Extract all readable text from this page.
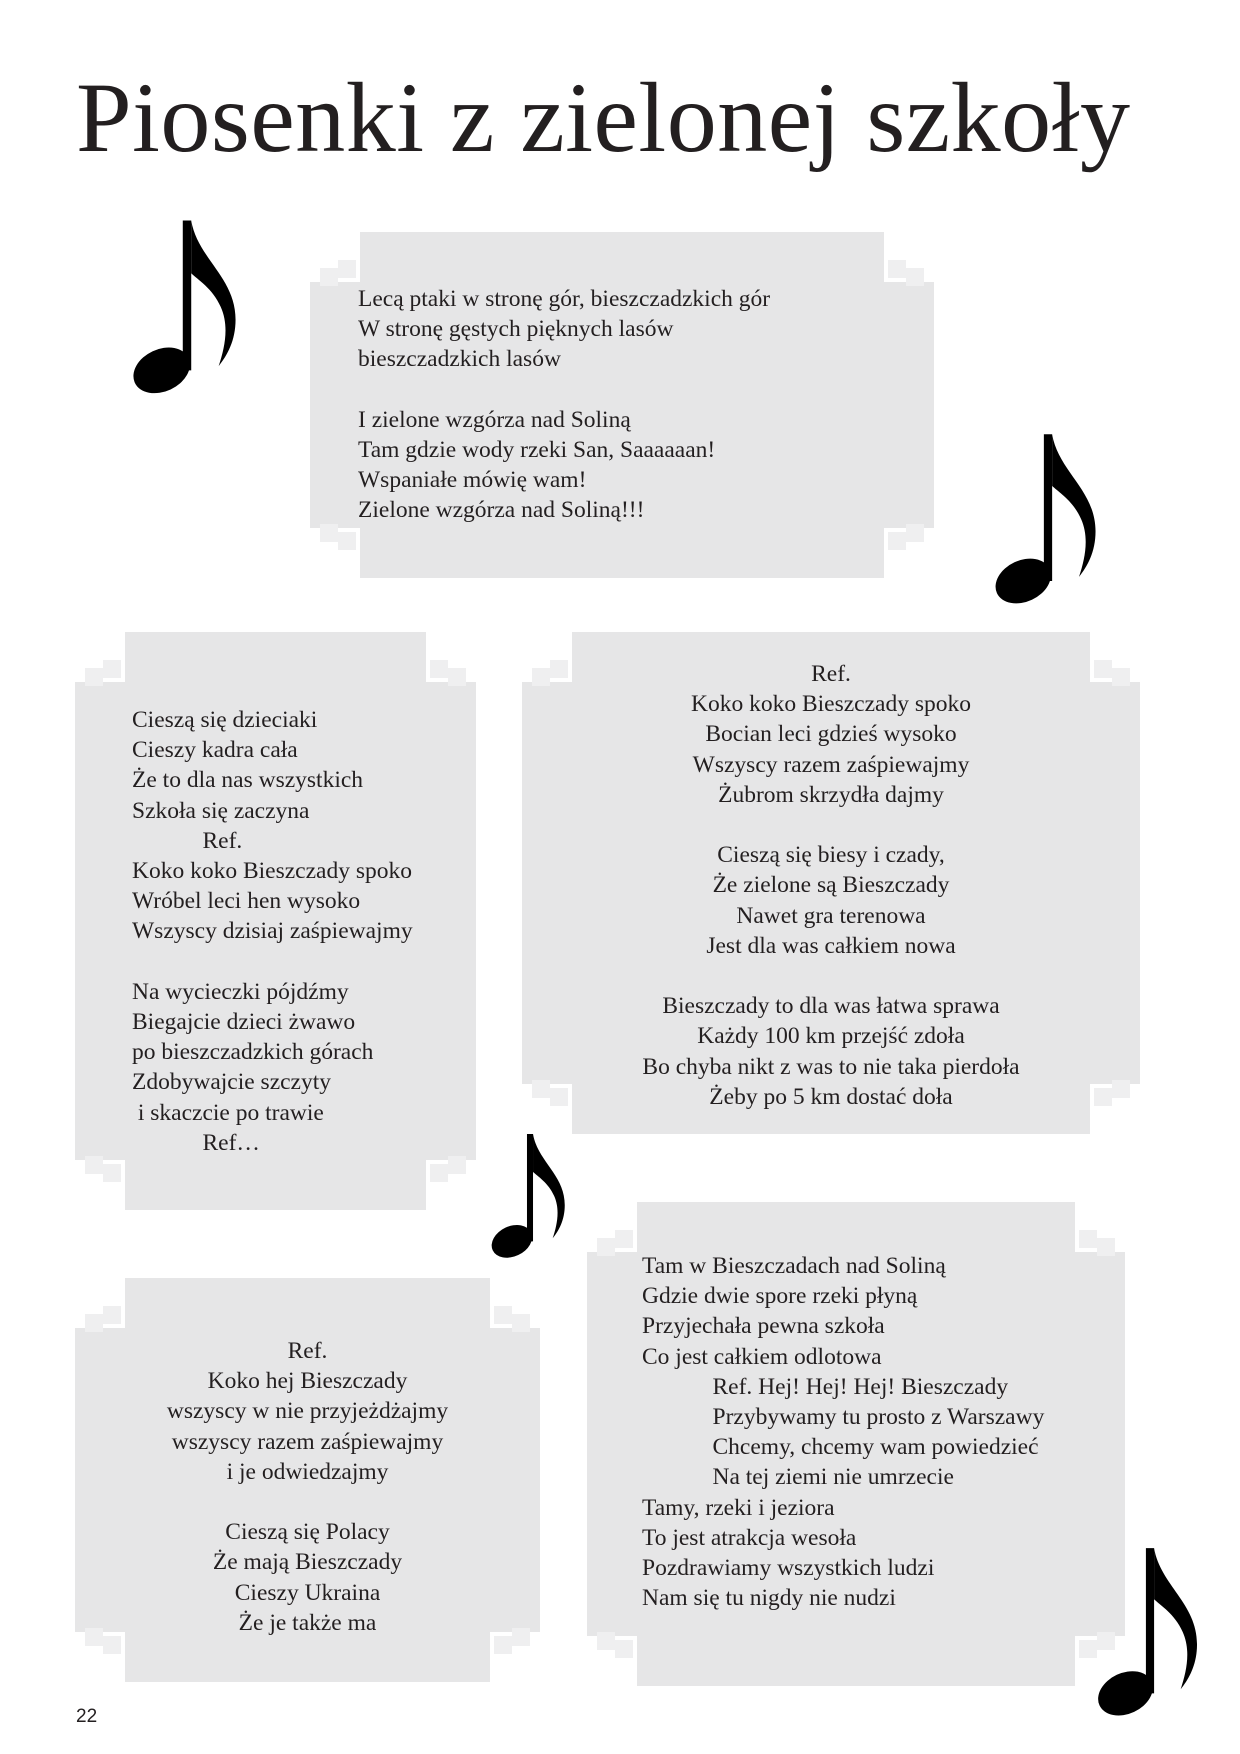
Piosenki z zielonej szkoły
Lecą ptaki w stronę gór, bieszczadzkich gór
W stronę gęstych pięknych lasów
bieszczadzkich lasów
I zielone wzgórza nad Soliną
Tam gdzie wody rzeki San, Saaaaaan!
Wspaniałe mówię wam!
Zielone wzgórza nad Soliną!!!
Cieszą się dzieciaki
Cieszy kadra cała
Że to dla nas wszystkich
Szkoła się zaczyna
Ref.
Koko koko Bieszczady spoko
Wróbel leci hen wysoko
Wszyscy dzisiaj zaśpiewajmy
Na wycieczki pójdźmy
Biegajcie dzieci żwawo
po bieszczadzkich górach
Zdobywajcie szczyty
i skaczcie po trawie
Ref…
Ref.
Koko koko Bieszczady spoko
Bocian leci gdzieś wysoko
Wszyscy razem zaśpiewajmy
Żubrom skrzydła dajmy
Cieszą się biesy i czady,
Że zielone są Bieszczady
Nawet gra terenowa
Jest dla was całkiem nowa
Bieszczady to dla was łatwa sprawa
Każdy 100 km przejść zdoła
Bo chyba nikt z was to nie taka pierdoła
Żeby po 5 km dostać doła
Ref.
Koko hej Bieszczady
wszyscy w nie przyjeżdżajmy
wszyscy razem zaśpiewajmy
i je odwiedzajmy
Cieszą się Polacy
Że mają Bieszczady
Cieszy Ukraina
Że je także ma
Tam w Bieszczadach nad Soliną
Gdzie dwie spore rzeki płyną
Przyjechała pewna szkoła
Co jest całkiem odlotowa
Ref. Hej! Hej! Hej! Bieszczady
Przybywamy tu prosto z Warszawy
Chcemy, chcemy wam powiedzieć
Na tej ziemi nie umrzecie
Tamy, rzeki i jeziora
To jest atrakcja wesoła
Pozdrawiamy wszystkich ludzi
Nam się tu nigdy nie nudzi
22
